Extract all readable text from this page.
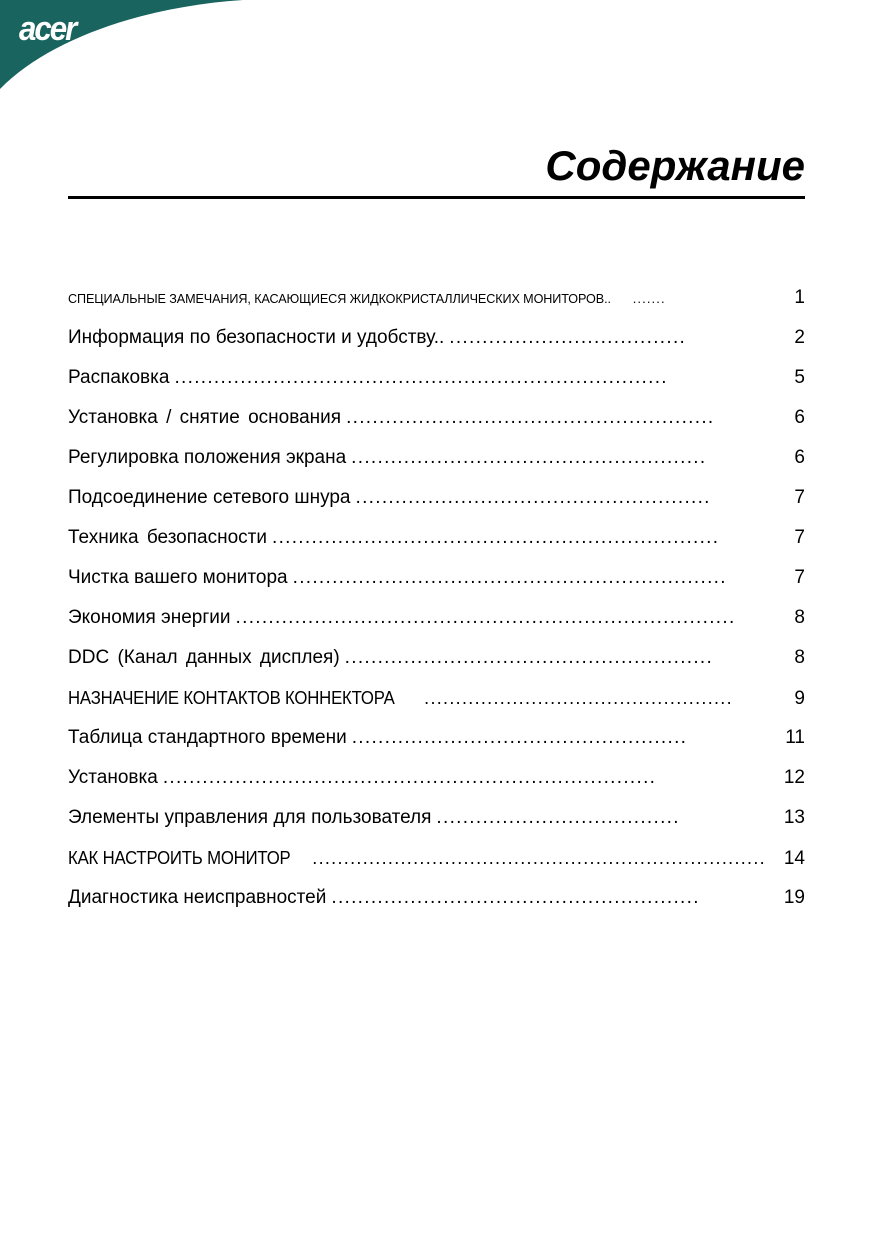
acer
Содержание
СПЕЦИАЛЬНЫЕ ЗАМЕЧАНИЯ, КАСАЮЩИЕСЯ ЖИДКОКРИСТАЛЛИЧЕСКИХ МОНИТОРОВ.. .......	1
Информация по безопасности и удобству.. ....................................	2
Распаковка ...........................................................................	5
Установка / снятие основания ........................................................	6
Регулировка положения экрана ......................................................	6
Подсоединение сетевого шнура ......................................................	7
Техника безопасности ....................................................................	7
Чистка вашего монитора ..................................................................	7
Экономия энергии ............................................................................	8
DDC (Канал данных дисплея) ........................................................	8
НАЗНАЧЕНИЕ КОНТАКТОВ КОННЕКТОРА .................................................	9
Таблица стандартного времени ...................................................	11
Установка ...........................................................................	12
Элементы управления для пользователя .....................................	13
КАК НАСТРОИТЬ МОНИТОР ........................................................................ 14
Диагностика неисправностей ........................................................	19
